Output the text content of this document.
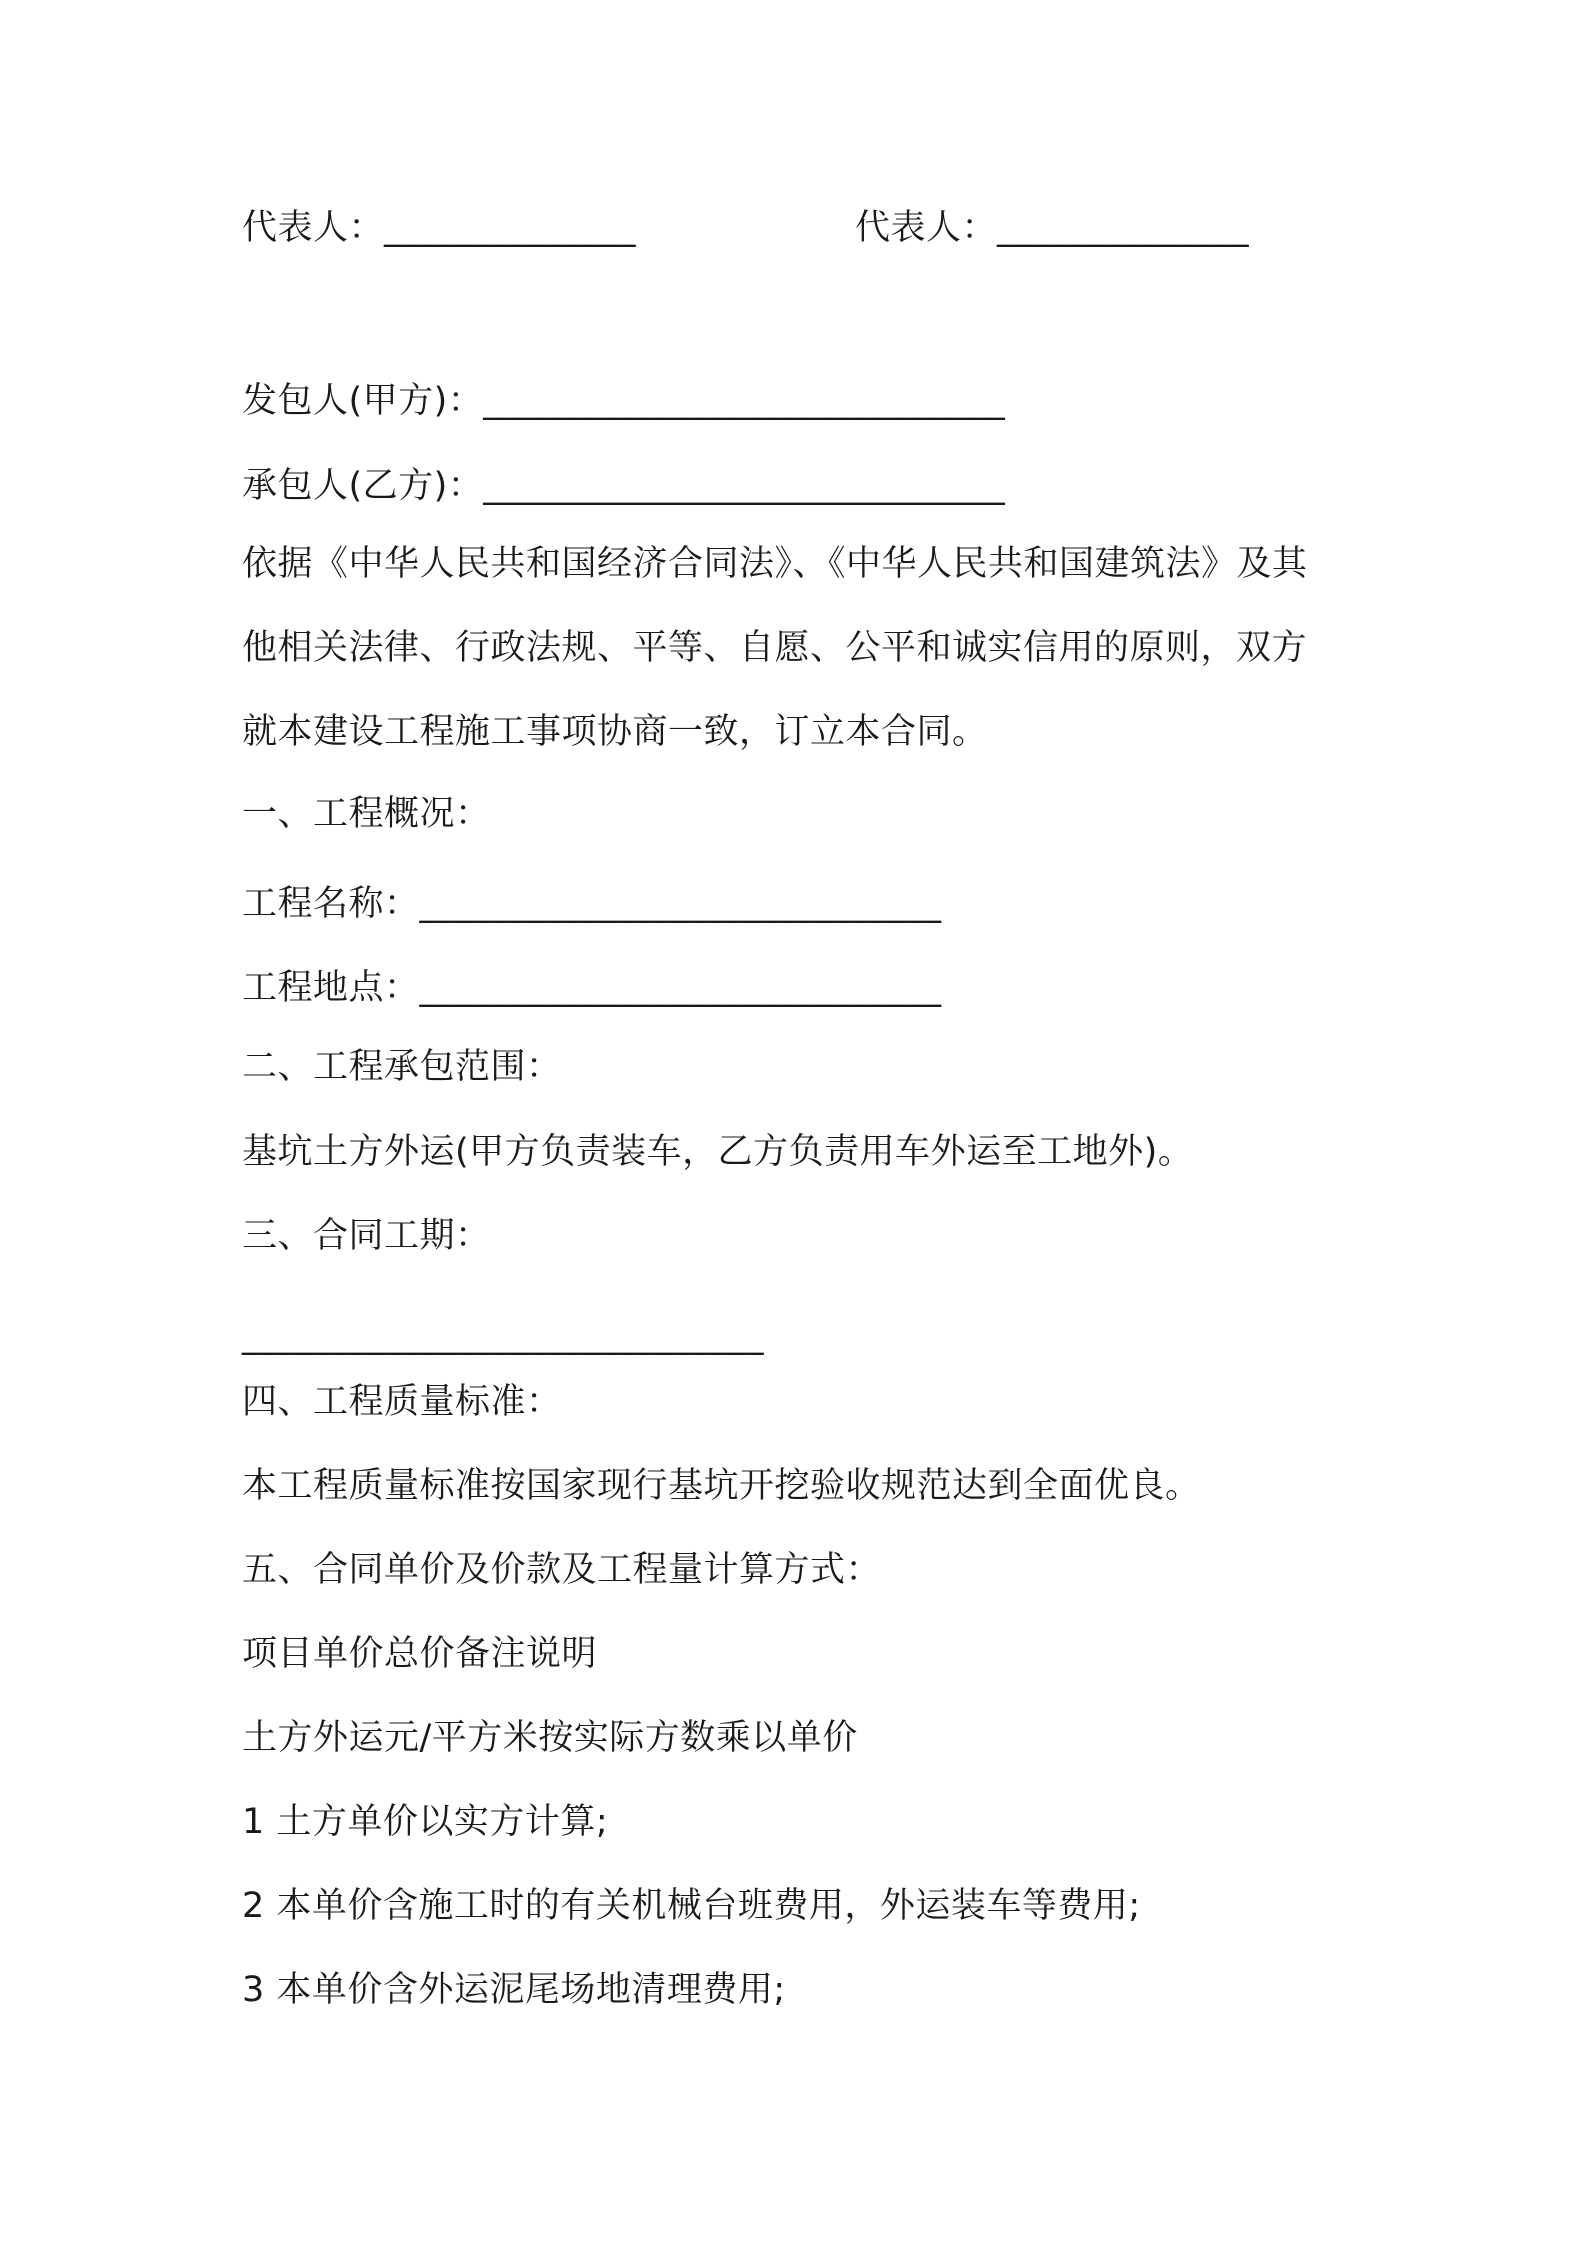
代表人：______________	代表人：______________
发包人(甲方)：_____________________________
承包人(乙方)：_____________________________
依据《中华人民共和国经济合同法》、《中华人民共和国建筑法》及其
他相关法律、行政法规、平等、自愿、公平和诚实信用的原则，双方
就本建设工程施工事项协商一致，订立本合同。
一、工程概况：
工程名称：_____________________________
工程地点：_____________________________
二、工程承包范围：
基坑土方外运(甲方负责装车，乙方负责用车外运至工地外)。
三、合同工期：
_____________________________
四、工程质量标准：
本工程质量标准按国家现行基坑开挖验收规范达到全面优良。
五、合同单价及价款及工程量计算方式：
项目单价总价备注说明
土方外运元/平方米按实际方数乘以单价
1 土方单价以实方计算;
2 本单价含施工时的有关机械台班费用，外运装车等费用;
3 本单价含外运泥尾场地清理费用;
